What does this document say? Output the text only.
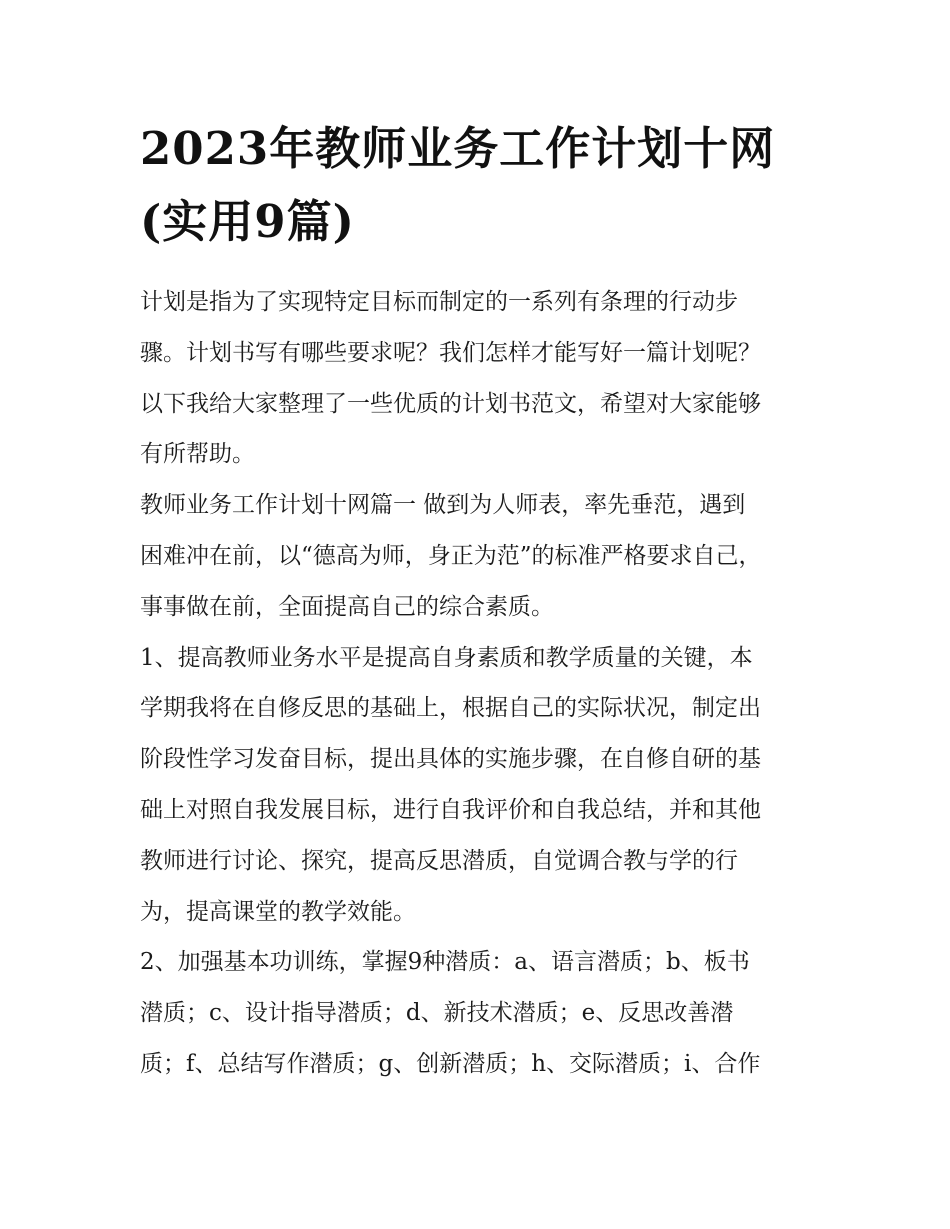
2023年教师业务工作计划十网
(实用9篇)
计划是指为了实现特定目标而制定的一系列有条理的行动步
骤。计划书写有哪些要求呢？我们怎样才能写好一篇计划呢？
以下我给大家整理了一些优质的计划书范文，希望对大家能够
有所帮助。
教师业务工作计划十网篇一 做到为人师表，率先垂范，遇到
困难冲在前，以“德高为师，身正为范”的标准严格要求自己，
事事做在前，全面提高自己的综合素质。
1、提高教师业务水平是提高自身素质和教学质量的关键，本
学期我将在自修反思的基础上，根据自己的实际状况，制定出
阶段性学习发奋目标，提出具体的实施步骤，在自修自研的基
础上对照自我发展目标，进行自我评价和自我总结，并和其他
教师进行讨论、探究，提高反思潜质，自觉调合教与学的行
为，提高课堂的教学效能。
2、加强基本功训练，掌握9种潜质：a、语言潜质；b、板书
潜质；c、设计指导潜质；d、新技术潜质；e、反思改善潜
质；f、总结写作潜质；g、创新潜质；h、交际潜质；i、合作
